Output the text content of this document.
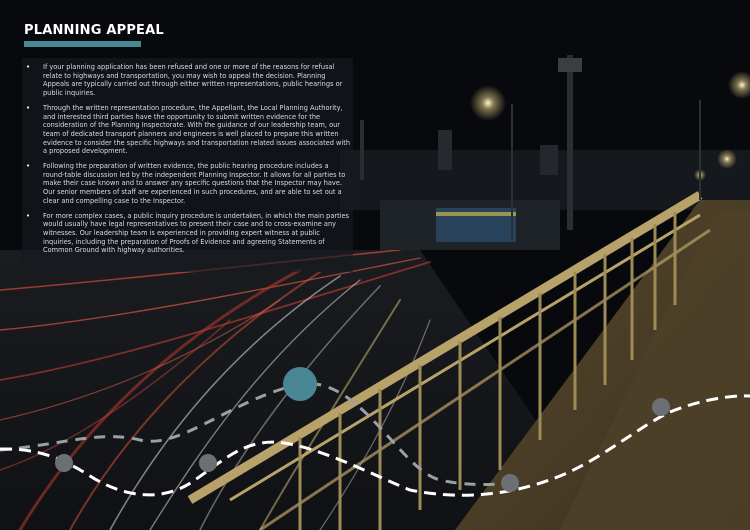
PLANNING APPEAL
• If your planning application has been refused and one or more of the reasons for refusal relate to highways and transportation, you may wish to appeal the decision. Planning Appeals are typically carried out through either written representations, public hearings or public inquiries.
• Through the written representation procedure, the Appellant, the Local Planning Authority, and interested third parties have the opportunity to submit written evidence for the consideration of the Planning Inspectorate. With the guidance of our leadership team, our team of dedicated transport planners and engineers is well placed to prepare this written evidence to consider the specific highways and transportation related issues associated with a proposed development.
• Following the preparation of written evidence, the public hearing procedure includes a round-table discussion led by the independent Planning Inspector. It allows for all parties to make their case known and to answer any specific questions that the Inspector may have. Our senior members of staff are experienced in such procedures, and are able to set out a clear and compelling case to the Inspector.
• For more complex cases, a public inquiry procedure is undertaken, in which the main parties would usually have legal representatives to present their case and to cross-examine any witnesses. Our leadership team is experienced in providing expert witness at public inquiries, including the preparation of Proofs of Evidence and agreeing Statements of Common Ground with highway authorities.
